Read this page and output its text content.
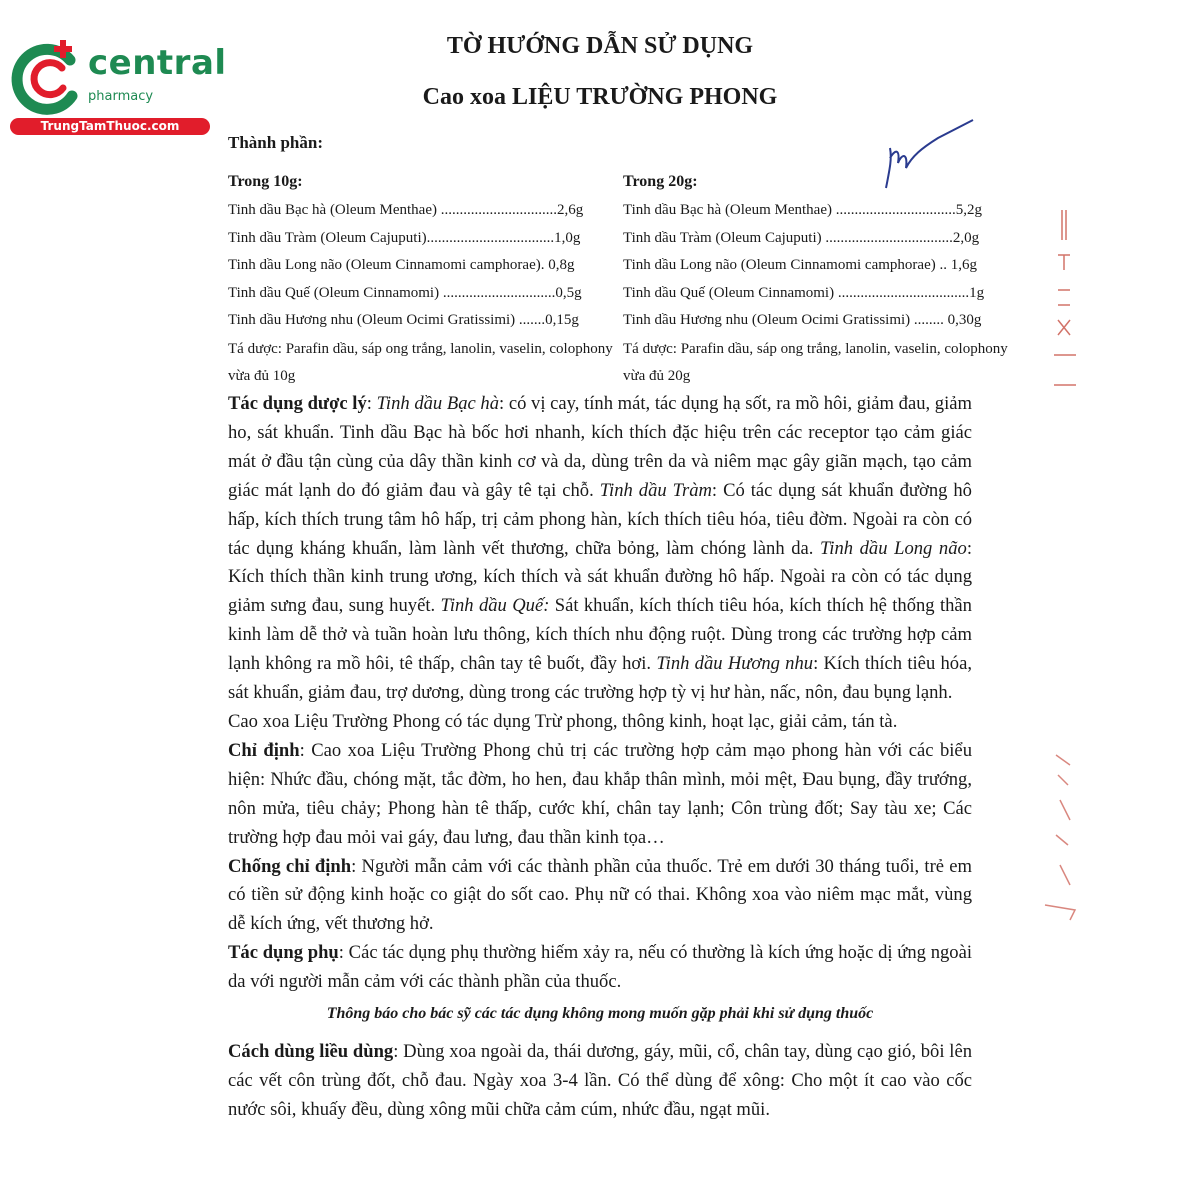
central
pharmacy
TrungTamThuoc.com
TỜ HƯỚNG DẪN SỬ DỤNG
Cao xoa LIỆU TRƯỜNG PHONG
Thành phần:
Trong 10g:
Tinh dầu Bạc hà (Oleum Menthae) ...............................2,6g
Tinh dầu Tràm (Oleum Cajuputi)..................................1,0g
Tinh dầu Long não (Oleum Cinnamomi camphorae). 0,8g
Tinh dầu Quế (Oleum Cinnamomi) ..............................0,5g
Tinh dầu Hương nhu (Oleum Ocimi Gratissimi) .......0,15g
Tá dược: Parafin dầu, sáp ong trắng, lanolin, vaselin, colophony vừa đủ 10g
Trong 20g:
Tinh dầu Bạc hà (Oleum Menthae) ................................5,2g
Tinh dầu Tràm (Oleum Cajuputi) ..................................2,0g
Tinh dầu Long não (Oleum Cinnamomi camphorae) .. 1,6g
Tinh dầu Quế (Oleum Cinnamomi) ...................................1g
Tinh dầu Hương nhu (Oleum Ocimi Gratissimi) ........ 0,30g
Tá dược: Parafin dầu, sáp ong trắng, lanolin, vaselin, colophony vừa đủ 20g

Tác dụng dược lý: Tinh dầu Bạc hà: có vị cay, tính mát, tác dụng hạ sốt, ra mồ hôi, giảm đau, giảm ho, sát khuẩn. Tinh dầu Bạc hà bốc hơi nhanh, kích thích đặc hiệu trên các receptor tạo cảm giác mát ở đầu tận cùng của dây thần kinh cơ và da, dùng trên da và niêm mạc gây giãn mạch, tạo cảm giác mát lạnh do đó giảm đau và gây tê tại chỗ. Tinh dầu Tràm: Có tác dụng sát khuẩn đường hô hấp, kích thích trung tâm hô hấp, trị cảm phong hàn, kích thích tiêu hóa, tiêu đờm. Ngoài ra còn có tác dụng kháng khuẩn, làm lành vết thương, chữa bỏng, làm chóng lành da. Tinh dầu Long não: Kích thích thần kinh trung ương, kích thích và sát khuẩn đường hô hấp. Ngoài ra còn có tác dụng giảm sưng đau, sung huyết. Tinh dầu Quế: Sát khuẩn, kích thích tiêu hóa, kích thích hệ thống thần kinh làm dễ thở và tuần hoàn lưu thông, kích thích nhu động ruột. Dùng trong các trường hợp cảm lạnh không ra mồ hôi, tê thấp, chân tay tê buốt, đầy hơi. Tinh dầu Hương nhu: Kích thích tiêu hóa, sát khuẩn, giảm đau, trợ dương, dùng trong các trường hợp tỳ vị hư hàn, nấc, nôn, đau bụng lạnh.

Cao xoa Liệu Trường Phong có tác dụng Trừ phong, thông kinh, hoạt lạc, giải cảm, tán tà.

Chỉ định: Cao xoa Liệu Trường Phong chủ trị các trường hợp cảm mạo phong hàn với các biểu hiện: Nhức đầu, chóng mặt, tắc đờm, ho hen, đau khắp thân mình, mỏi mệt, Đau bụng, đầy trướng, nôn mửa, tiêu chảy; Phong hàn tê thấp, cước khí, chân tay lạnh; Côn trùng đốt; Say tàu xe; Các trường hợp đau mỏi vai gáy, đau lưng, đau thần kinh tọa…

Chống chỉ định: Người mẫn cảm với các thành phần của thuốc. Trẻ em dưới 30 tháng tuổi, trẻ em có tiền sử động kinh hoặc co giật do sốt cao. Phụ nữ có thai. Không xoa vào niêm mạc mắt, vùng dễ kích ứng, vết thương hở.

Tác dụng phụ: Các tác dụng phụ thường hiếm xảy ra, nếu có thường là kích ứng hoặc dị ứng ngoài da với người mẫn cảm với các thành phần của thuốc.

Thông báo cho bác sỹ các tác dụng không mong muốn gặp phải khi sử dụng thuốc

Cách dùng liều dùng: Dùng xoa ngoài da, thái dương, gáy, mũi, cổ, chân tay, dùng cạo gió, bôi lên các vết côn trùng đốt, chỗ đau. Ngày xoa 3-4 lần. Có thể dùng để xông: Cho một ít cao vào cốc nước sôi, khuấy đều, dùng xông mũi chữa cảm cúm, nhức đầu, ngạt mũi.
